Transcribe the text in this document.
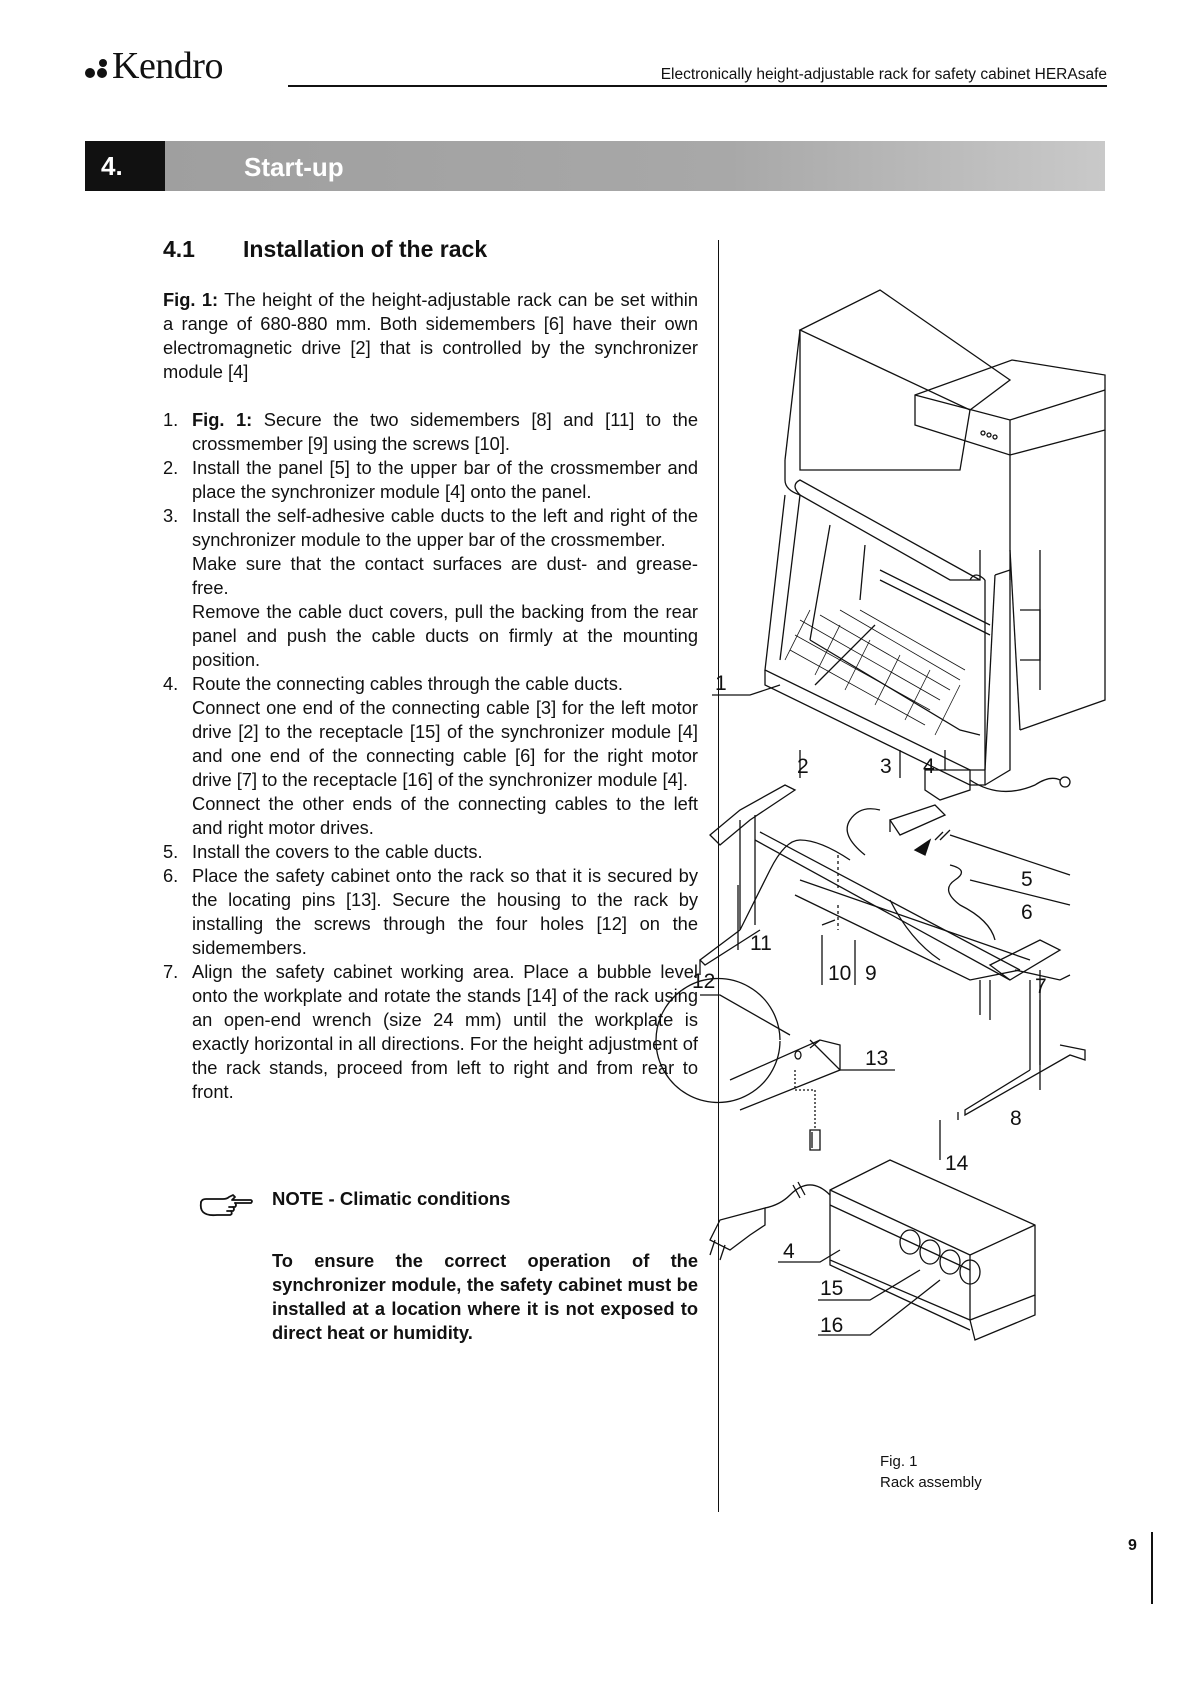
Kendro	Electronically height-adjustable rack for safety cabinet HERAsafe
4.	Start-up
4.1 Installation of the rack
Fig. 1: The height of the height-adjustable rack can be set within a range of 680-880 mm. Both sidemembers [6] have their own electromagnetic drive [2] that is controlled by the synchronizer module [4]
1. Fig. 1: Secure the two sidemembers [8] and [11] to the crossmember [9] using the screws [10].

2. Install the panel [5] to the upper bar of the crossmember and place the synchronizer module [4] onto the panel.

3. Install the self-adhesive cable ducts to the left and right of the synchronizer module to the upper bar of the crossmember.

Make sure that the contact surfaces are dust- and grease-free.

Remove the cable duct covers, pull the backing from the rear panel and push the cable ducts on firmly at the mounting position.

4. Route the connecting cables through the cable ducts.

Connect one end of the connecting cable [3] for the left motor drive [2] to the receptacle [15] of the synchronizer module [4] and one end of the connecting cable [6] for the right motor drive [7] to the receptacle [16] of the synchronizer module [4].

Connect the other ends of the connecting cables to the left and right motor drives.

5. Install the covers to the cable ducts.

6. Place the safety cabinet onto the rack so that it is secured by the locating pins [13]. Secure the housing to the rack by installing the screws through the four holes [12] on the sidemembers.

7. Align the safety cabinet working area. Place a bubble level onto the workplate and rotate the stands [14] of the rack using an open-end wrench (size 24 mm) until the workplate is exactly horizontal in all directions. For the height adjustment of the rack stands, proceed from left to right and from rear to front.

NOTE - Climatic conditions
To ensure the correct operation of the synchronizer module, the safety cabinet must be installed at a location where it is not exposed to direct heat or humidity.
1
2	3 4
5
6
7
8
9
10
11
12
13
14
4
15
16
Fig. 1
Rack assembly
9
